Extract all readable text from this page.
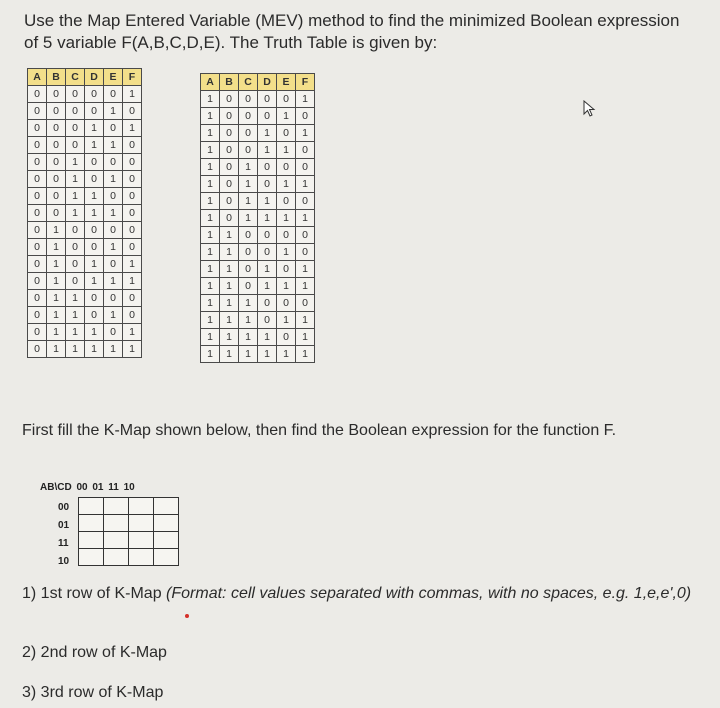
Use the Map Entered Variable (MEV) method to find the minimized Boolean expression of 5 variable F(A,B,C,D,E). The Truth Table is given by:
A	B	C	D	E	F
0	0	0	0	0	1
0	0	0	0	1	0
0	0	0	1	0	1
0	0	0	1	1	0
0	0	1	0	0	0
0	0	1	0	1	0
0	0	1	1	0	0
0	0	1	1	1	0
0	1	0	0	0	0
0	1	0	0	1	0
0	1	0	1	0	1
0	1	0	1	1	1
0	1	1	0	0	0
0	1	1	0	1	0
0	1	1	1	0	1
0	1	1	1	1	1
A	B	C	D	E	F
1	0	0	0	0	1
1	0	0	0	1	0
1	0	0	1	0	1
1	0	0	1	1	0
1	0	1	0	0	0
1	0	1	0	1	1
1	0	1	1	0	0
1	0	1	1	1	1
1	1	0	0	0	0
1	1	0	0	1	0
1	1	0	1	0	1
1	1	0	1	1	1
1	1	1	0	0	0
1	1	1	0	1	1
1	1	1	1	0	1
1	1	1	1	1	1
First fill the K-Map shown below, then find the Boolean expression for the function F.
AB\CD 00 01 11 10
00
01
11
10

1) 1st row of K-Map (Format: cell values separated with commas, with no spaces, e.g. 1,e,e',0)
2) 2nd row of K-Map
3) 3rd row of K-Map
